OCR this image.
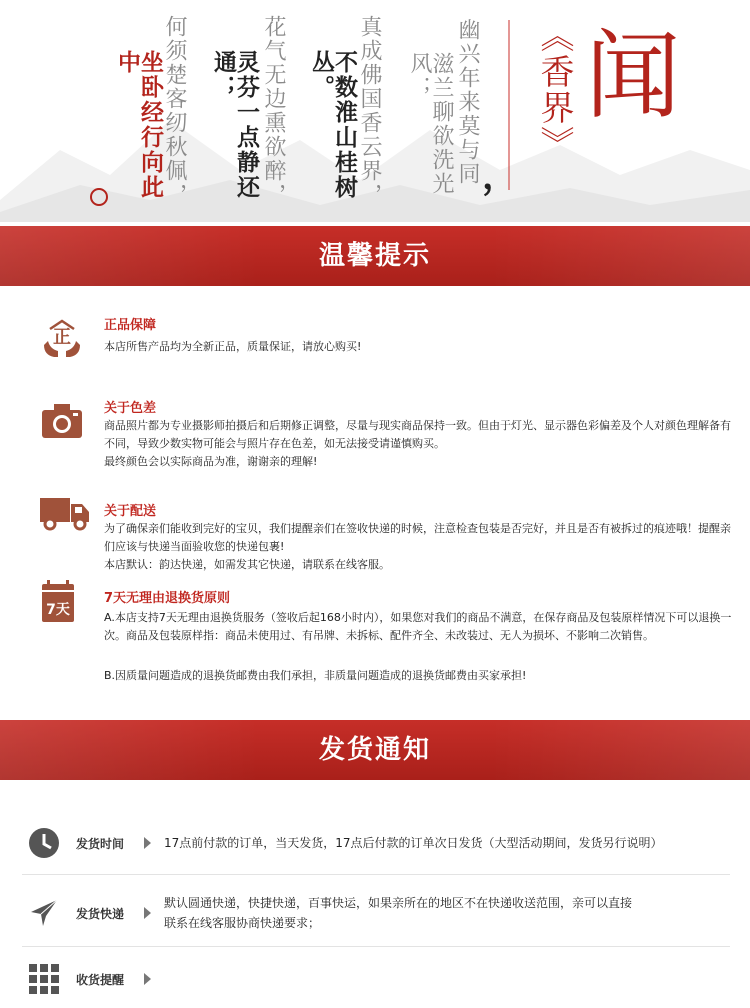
闻
《香界》
幽兴年来莫与同 ，
滋兰聊欲洗光风；
真成佛国香云界，
不数淮山桂树丛。
花气无边熏欲醉，
灵芬一点静还通；
何须楚客纫秋佩，
坐卧经行向此中
温馨提示
正
正品保障

本店所售产品均为全新正品，质量保证，请放心购买!

关于色差

商品照片都为专业摄影师拍摄后和后期修正调整，尽量与现实商品保持一致。但由于灯光、显示器色彩偏差及个人对颜色理解备有不同，导致少数实物可能会与照片存在色差，如无法接受请谨慎购买。

最终颜色会以实际商品为准，谢谢亲的理解!

关于配送

为了确保亲们能收到完好的宝贝，我们提醒亲们在签收快递的时候，注意检查包装是否完好，并且是否有被拆过的痕迹哦！提醒亲们应该与快递当面验收您的快递包裹!

本店默认：韵达快递，如需发其它快递，请联系在线客服。

7天
7天无理由退换货原则

A.本店支持7天无理由退换货服务（签收后起168小时内），如果您对我们的商品不满意，在保存商品及包装原样情况下可以退换一次。商品及包装原样指：商品未使用过、有吊牌、未拆标、配件齐全、未改装过、无人为损坏、不影响二次销售。

B.因质量问题造成的退换货邮费由我们承担，非质量问题造成的退换货邮费由买家承担!

发货通知
发货时间	17点前付款的订单，当天发货，17点后付款的订单次日发货（大型活动期间，发货另行说明）
发货快递
默认圆通快递，快捷快递，百事快运，如果亲所在的地区不在快递收送范围，亲可以直接
联系在线客服协商快递要求；
收货提醒
